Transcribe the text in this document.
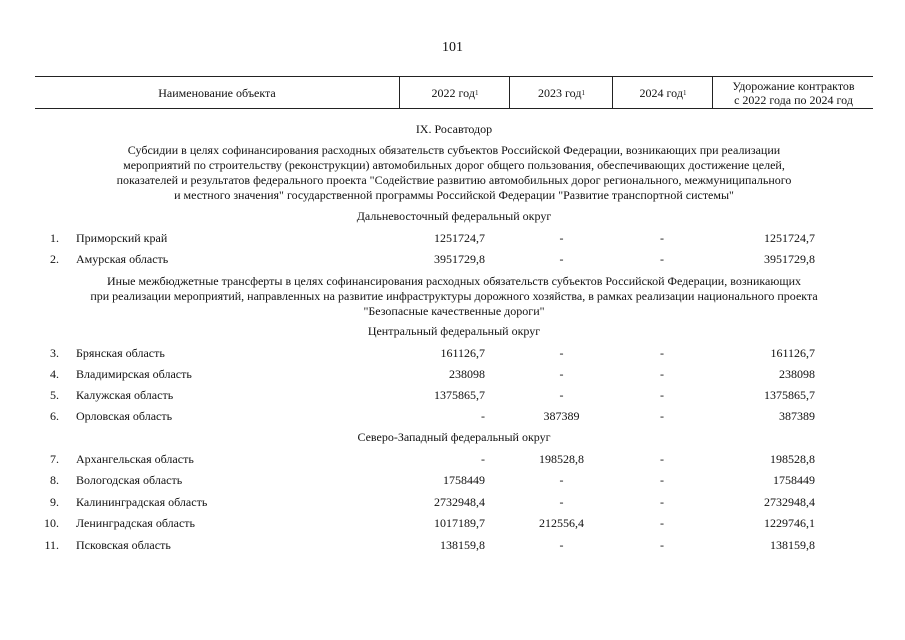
101
Наименование объекта	2022 год 1	2023 год 1	2024 год 1	Удорожание контрактов
с 2022 года по 2024 год
IX. Росавтодор
Субсидии в целях софинансирования расходных обязательств субъектов Российской Федерации, возникающих при реализации
мероприятий по строительству (реконструкции) автомобильных дорог общего пользования, обеспечивающих достижение целей,
показателей и результатов федерального проекта "Содействие развитию автомобильных дорог регионального, межмуниципального
и местного значения" государственной программы Российской Федерации "Развитие транспортной системы"
Дальневосточный федеральный округ
1. Приморский край	1251724,7	-	-	1251724,7
2. Амурская область	3951729,8	-	-	3951729,8
Иные межбюджетные трансферты в целях софинансирования расходных обязательств субъектов Российской Федерации, возникающих
при реализации мероприятий, направленных на развитие инфраструктуры дорожного хозяйства, в рамках реализации национального проекта
"Безопасные качественные дороги"
Центральный федеральный округ
3. Брянская область	161126,7	-	-	161126,7
4. Владимирская область	238098	-	-	238098
5. Калужская область	1375865,7	-	-	1375865,7
6. Орловская область	-	387389	-	387389
Северо-Западный федеральный округ
7. Архангельская область	-	198528,8	-	198528,8
8. Вологодская область	1758449	-	-	1758449
9. Калининградская область	2732948,4	-	-	2732948,4
10. Ленинградская область	1017189,7	212556,4	-	1229746,1
11. Псковская область	138159,8	-	-	138159,8
